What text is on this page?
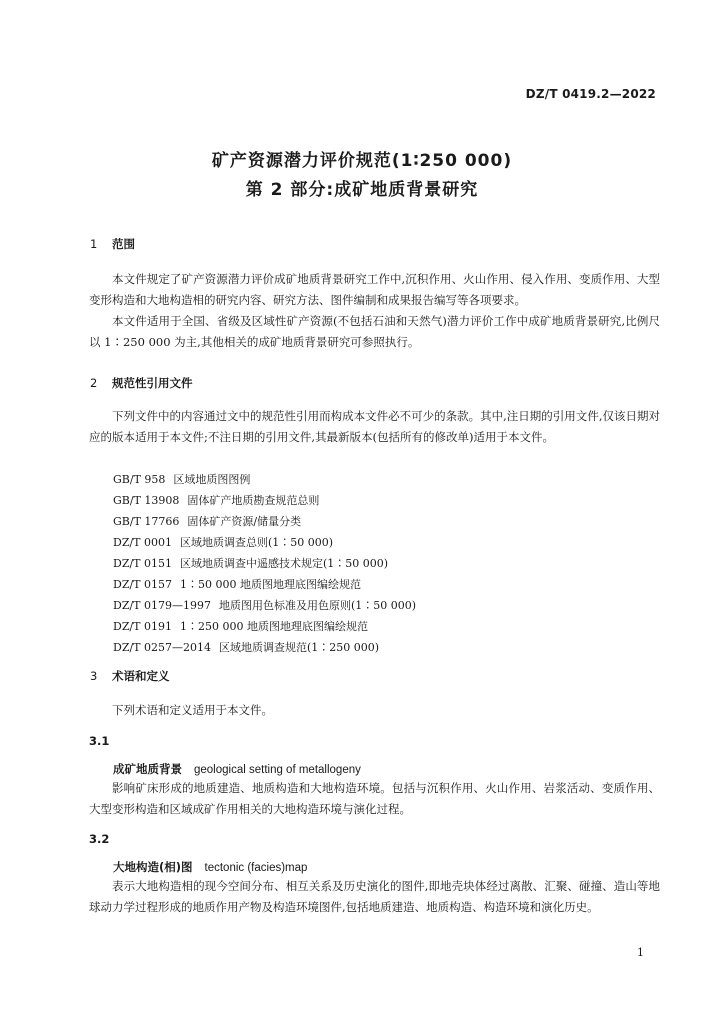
DZ/T 0419.2—2022
矿产资源潜力评价规范(1∶250 000)
第 2 部分:成矿地质背景研究
1 范围

本文件规定了矿产资源潜力评价成矿地质背景研究工作中,沉积作用、火山作用、侵入作用、变质作用、大型变形构造和大地构造相的研究内容、研究方法、图件编制和成果报告编写等各项要求。

本文件适用于全国、省级及区域性矿产资源(不包括石油和天然气)潜力评价工作中成矿地质背景研究,比例尺以 1∶250 000 为主,其他相关的成矿地质背景研究可参照执行。

2 规范性引用文件

下列文件中的内容通过文中的规范性引用而构成本文件必不可少的条款。其中,注日期的引用文件,仅该日期对应的版本适用于本文件;不注日期的引用文件,其最新版本(包括所有的修改单)适用于本文件。

GB/T 958 区域地质图图例
GB/T 13908 固体矿产地质勘查规范总则
GB/T 17766 固体矿产资源/储量分类
DZ/T 0001 区域地质调查总则(1∶50 000)
DZ/T 0151 区域地质调查中遥感技术规定(1∶50 000)
DZ/T 0157 1∶50 000 地质图地理底图编绘规范
DZ/T 0179—1997 地质图用色标准及用色原则(1∶50 000)
DZ/T 0191 1∶250 000 地质图地理底图编绘规范
DZ/T 0257—2014 区域地质调查规范(1∶250 000)
3 术语和定义

下列术语和定义适用于本文件。

3.1
成矿地质背景 geological setting of metallogeny

影响矿床形成的地质建造、地质构造和大地构造环境。包括与沉积作用、火山作用、岩浆活动、变质作用、大型变形构造和区域成矿作用相关的大地构造环境与演化过程。

3.2
大地构造(相)图 tectonic (facies)map

表示大地构造相的现今空间分布、相互关系及历史演化的图件,即地壳块体经过离散、汇聚、碰撞、造山等地球动力学过程形成的地质作用产物及构造环境图件,包括地质建造、地质构造、构造环境和演化历史。

1
